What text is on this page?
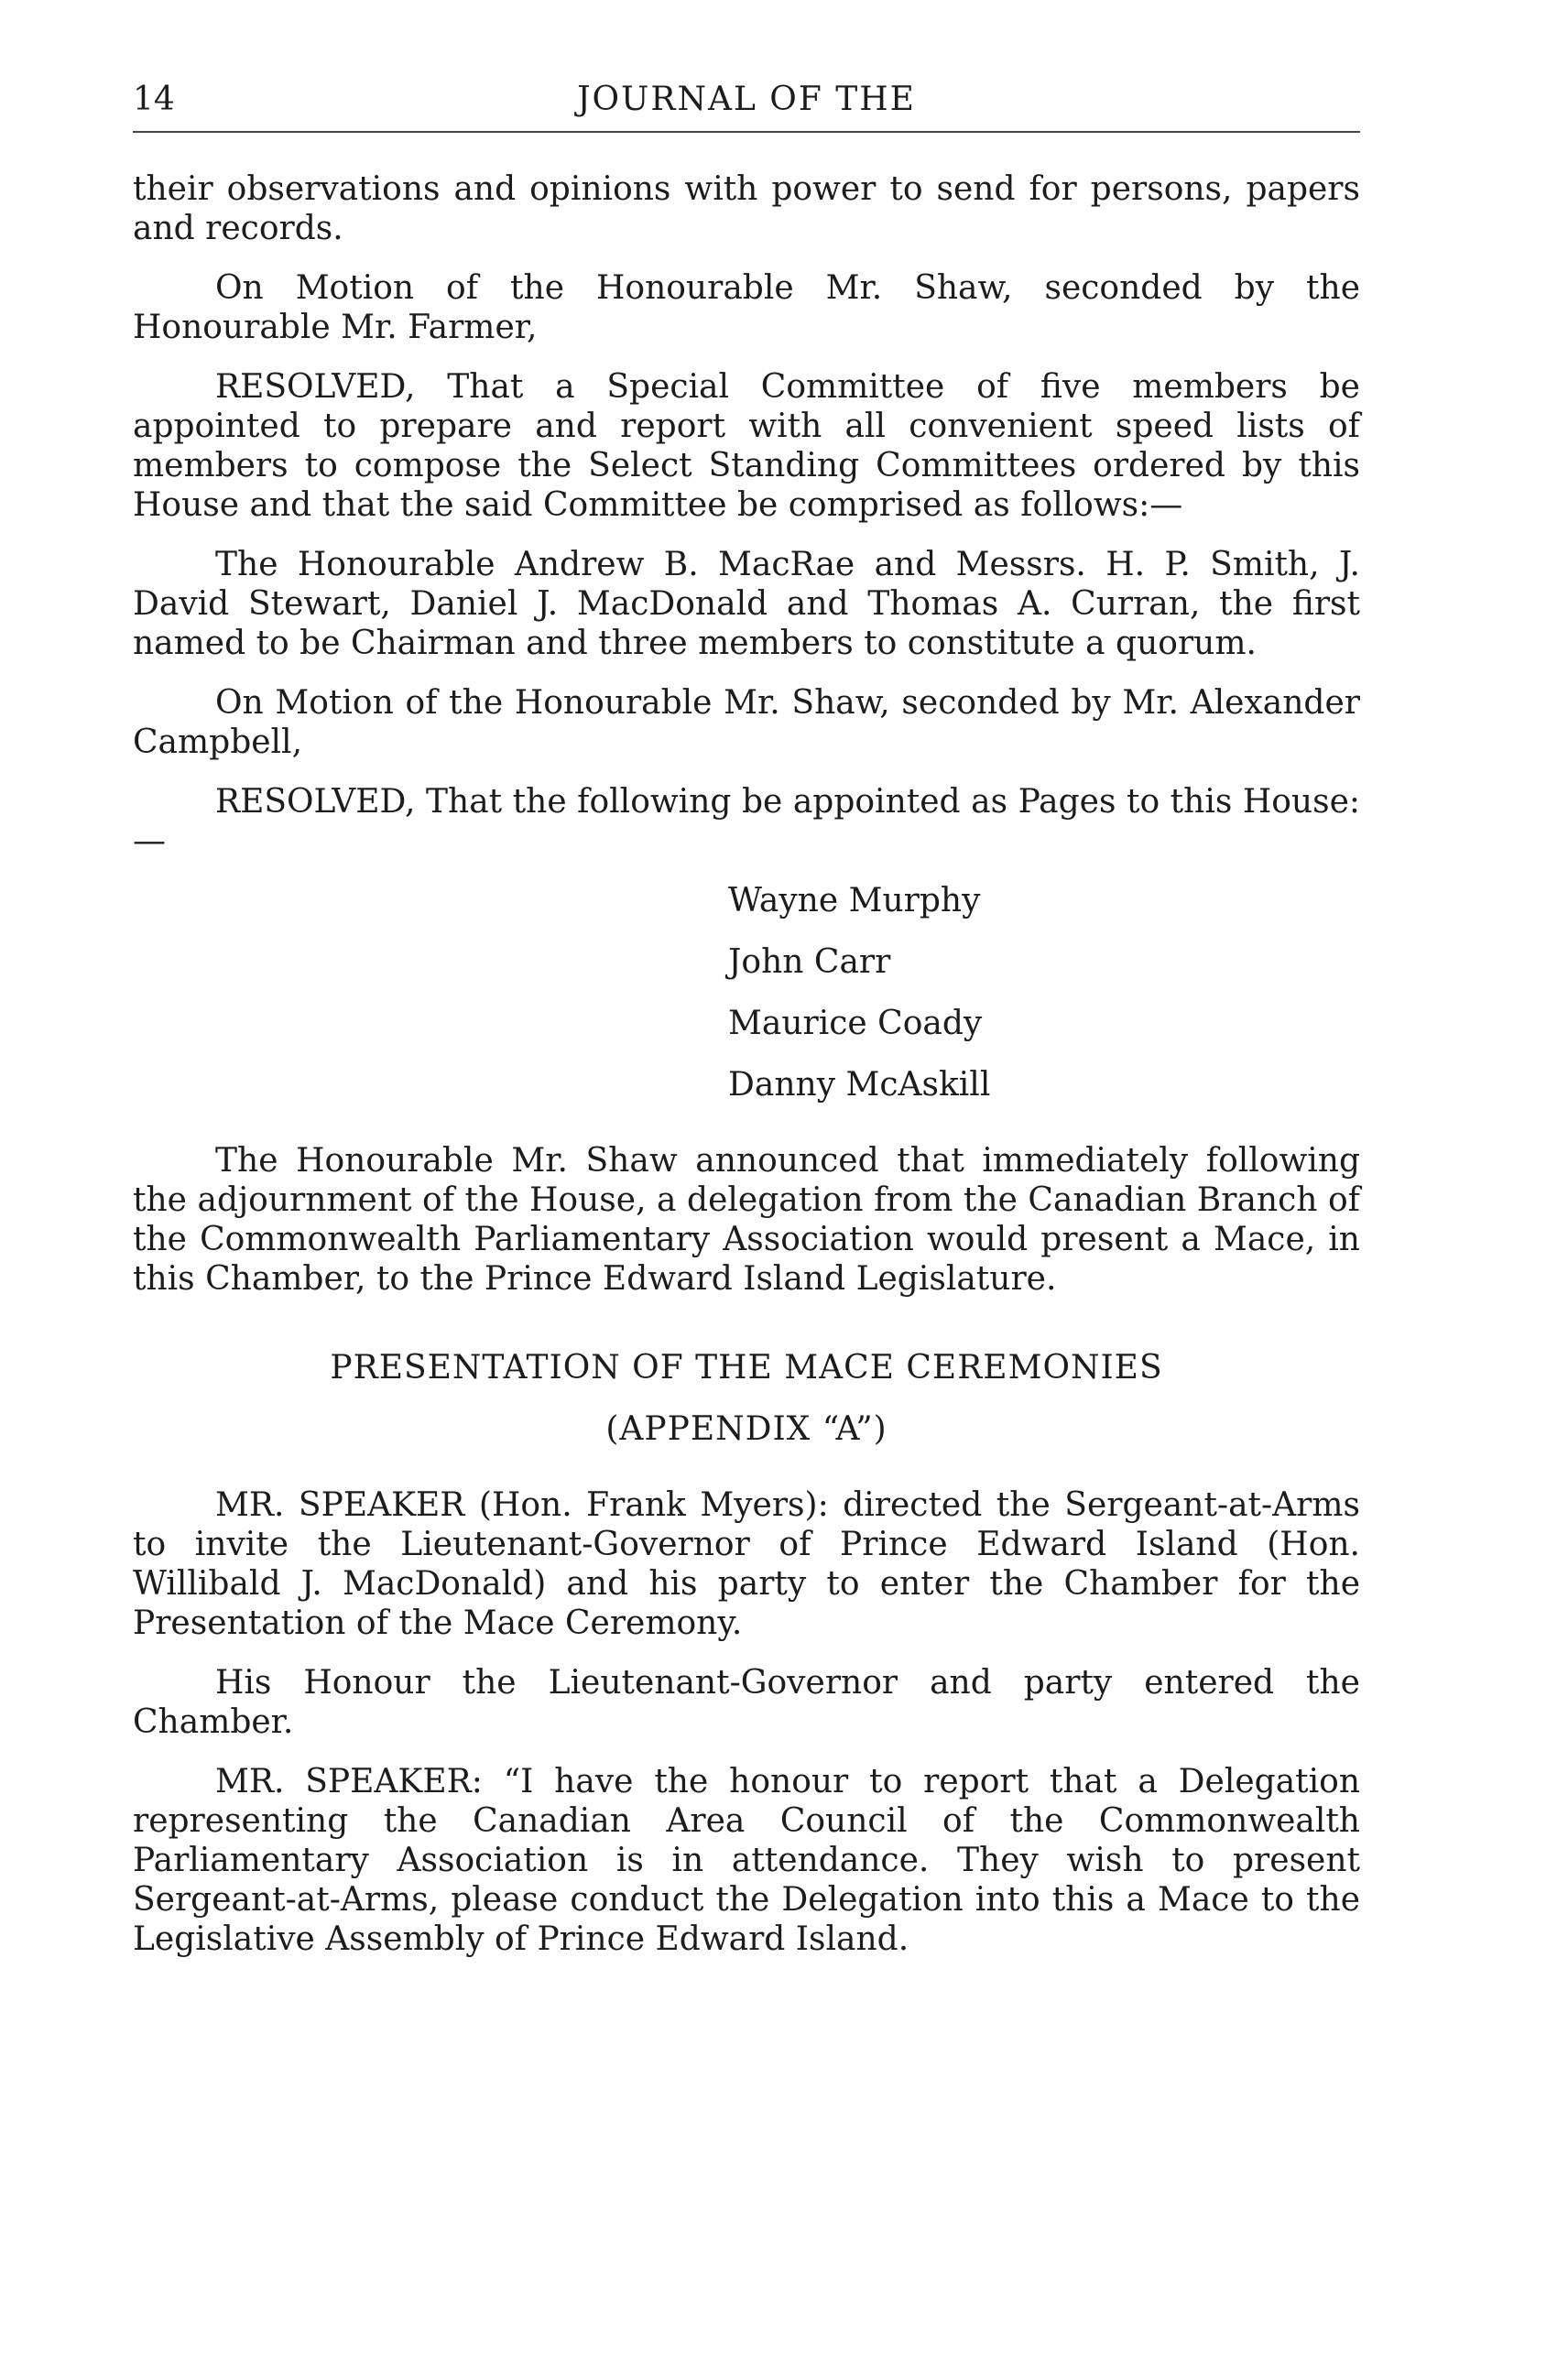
14	JOURNAL OF THE

their observations and opinions with power to send for persons, papers and records.

On Motion of the Honourable Mr. Shaw, seconded by the Honourable Mr. Farmer,

RESOLVED, That a Special Committee of five members be appointed to prepare and report with all convenient speed lists of members to compose the Select Standing Committees ordered by this House and that the said Committee be comprised as follows:—

The Honourable Andrew B. MacRae and Messrs. H. P. Smith, J. David Stewart, Daniel J. MacDonald and Thomas A. Curran, the first named to be Chairman and three members to constitute a quorum.

On Motion of the Honourable Mr. Shaw, seconded by Mr. Alexander Campbell,

RESOLVED, That the following be appointed as Pages to this House:—

Wayne Murphy
John Carr
Maurice Coady
Danny McAskill

The Honourable Mr. Shaw announced that immediately following the adjournment of the House, a delegation from the Canadian Branch of the Commonwealth Parliamentary Association would present a Mace, in this Chamber, to the Prince Edward Island Legislature.

PRESENTATION OF THE MACE CEREMONIES
(APPENDIX “A”)

MR. SPEAKER (Hon. Frank Myers): directed the Sergeant-at-Arms to invite the Lieutenant-Governor of Prince Edward Island (Hon. Willibald J. MacDonald) and his party to enter the Chamber for the Presentation of the Mace Ceremony.

His Honour the Lieutenant-Governor and party entered the Chamber.

MR. SPEAKER: “I have the honour to report that a Delegation representing the Canadian Area Council of the Commonwealth Parliamentary Association is in attendance. They wish to present Sergeant-at-Arms, please conduct the Delegation into this a Mace to the Legislative Assembly of Prince Edward Island.
